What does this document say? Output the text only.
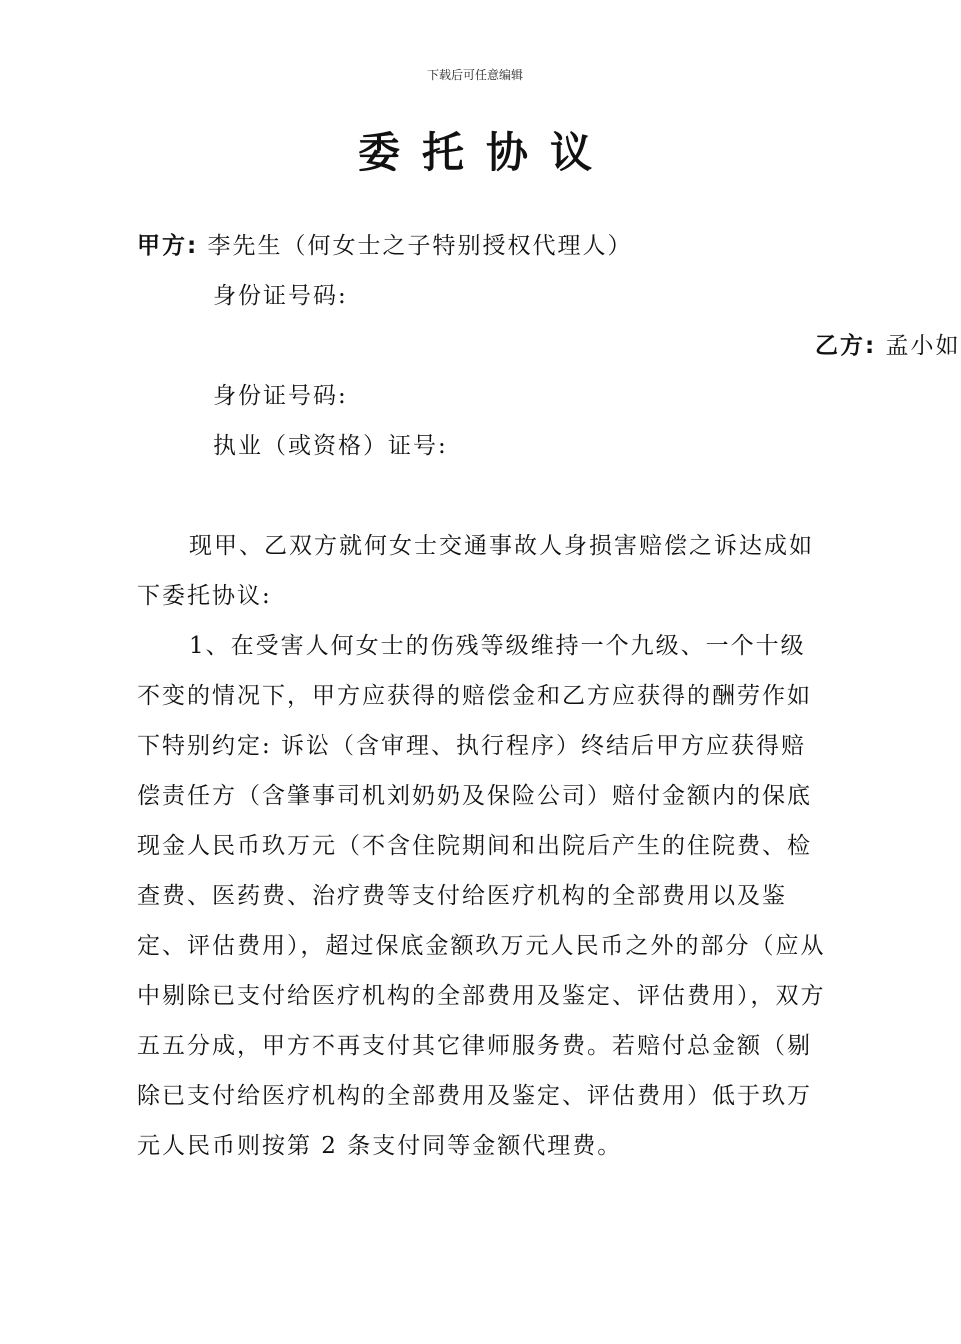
下载后可任意编辑
委托协议
甲方: 李先生（何女士之子特别授权代理人）
身份证号码:
乙方: 孟小如
身份证号码:
执业（或资格）证号:
现甲、乙双方就何女士交通事故人身损害赔偿之诉达成如下委托协议:
1、在受害人何女士的伤残等级维持一个九级、一个十级不变的情况下，甲方应获得的赔偿金和乙方应获得的酬劳作如下特别约定: 诉讼（含审理、执行程序）终结后甲方应获得赔偿责任方（含肇事司机刘奶奶及保险公司）赔付金额内的保底现金人民币玖万元（不含住院期间和出院后产生的住院费、检查费、医药费、治疗费等支付给医疗机构的全部费用以及鉴定、评估费用），超过保底金额玖万元人民币之外的部分（应从中剔除已支付给医疗机构的全部费用及鉴定、评估费用），双方五五分成，甲方不再支付其它律师服务费。若赔付总金额（剔除已支付给医疗机构的全部费用及鉴定、评估费用）低于玖万元人民币则按第 2 条支付同等金额代理费。
